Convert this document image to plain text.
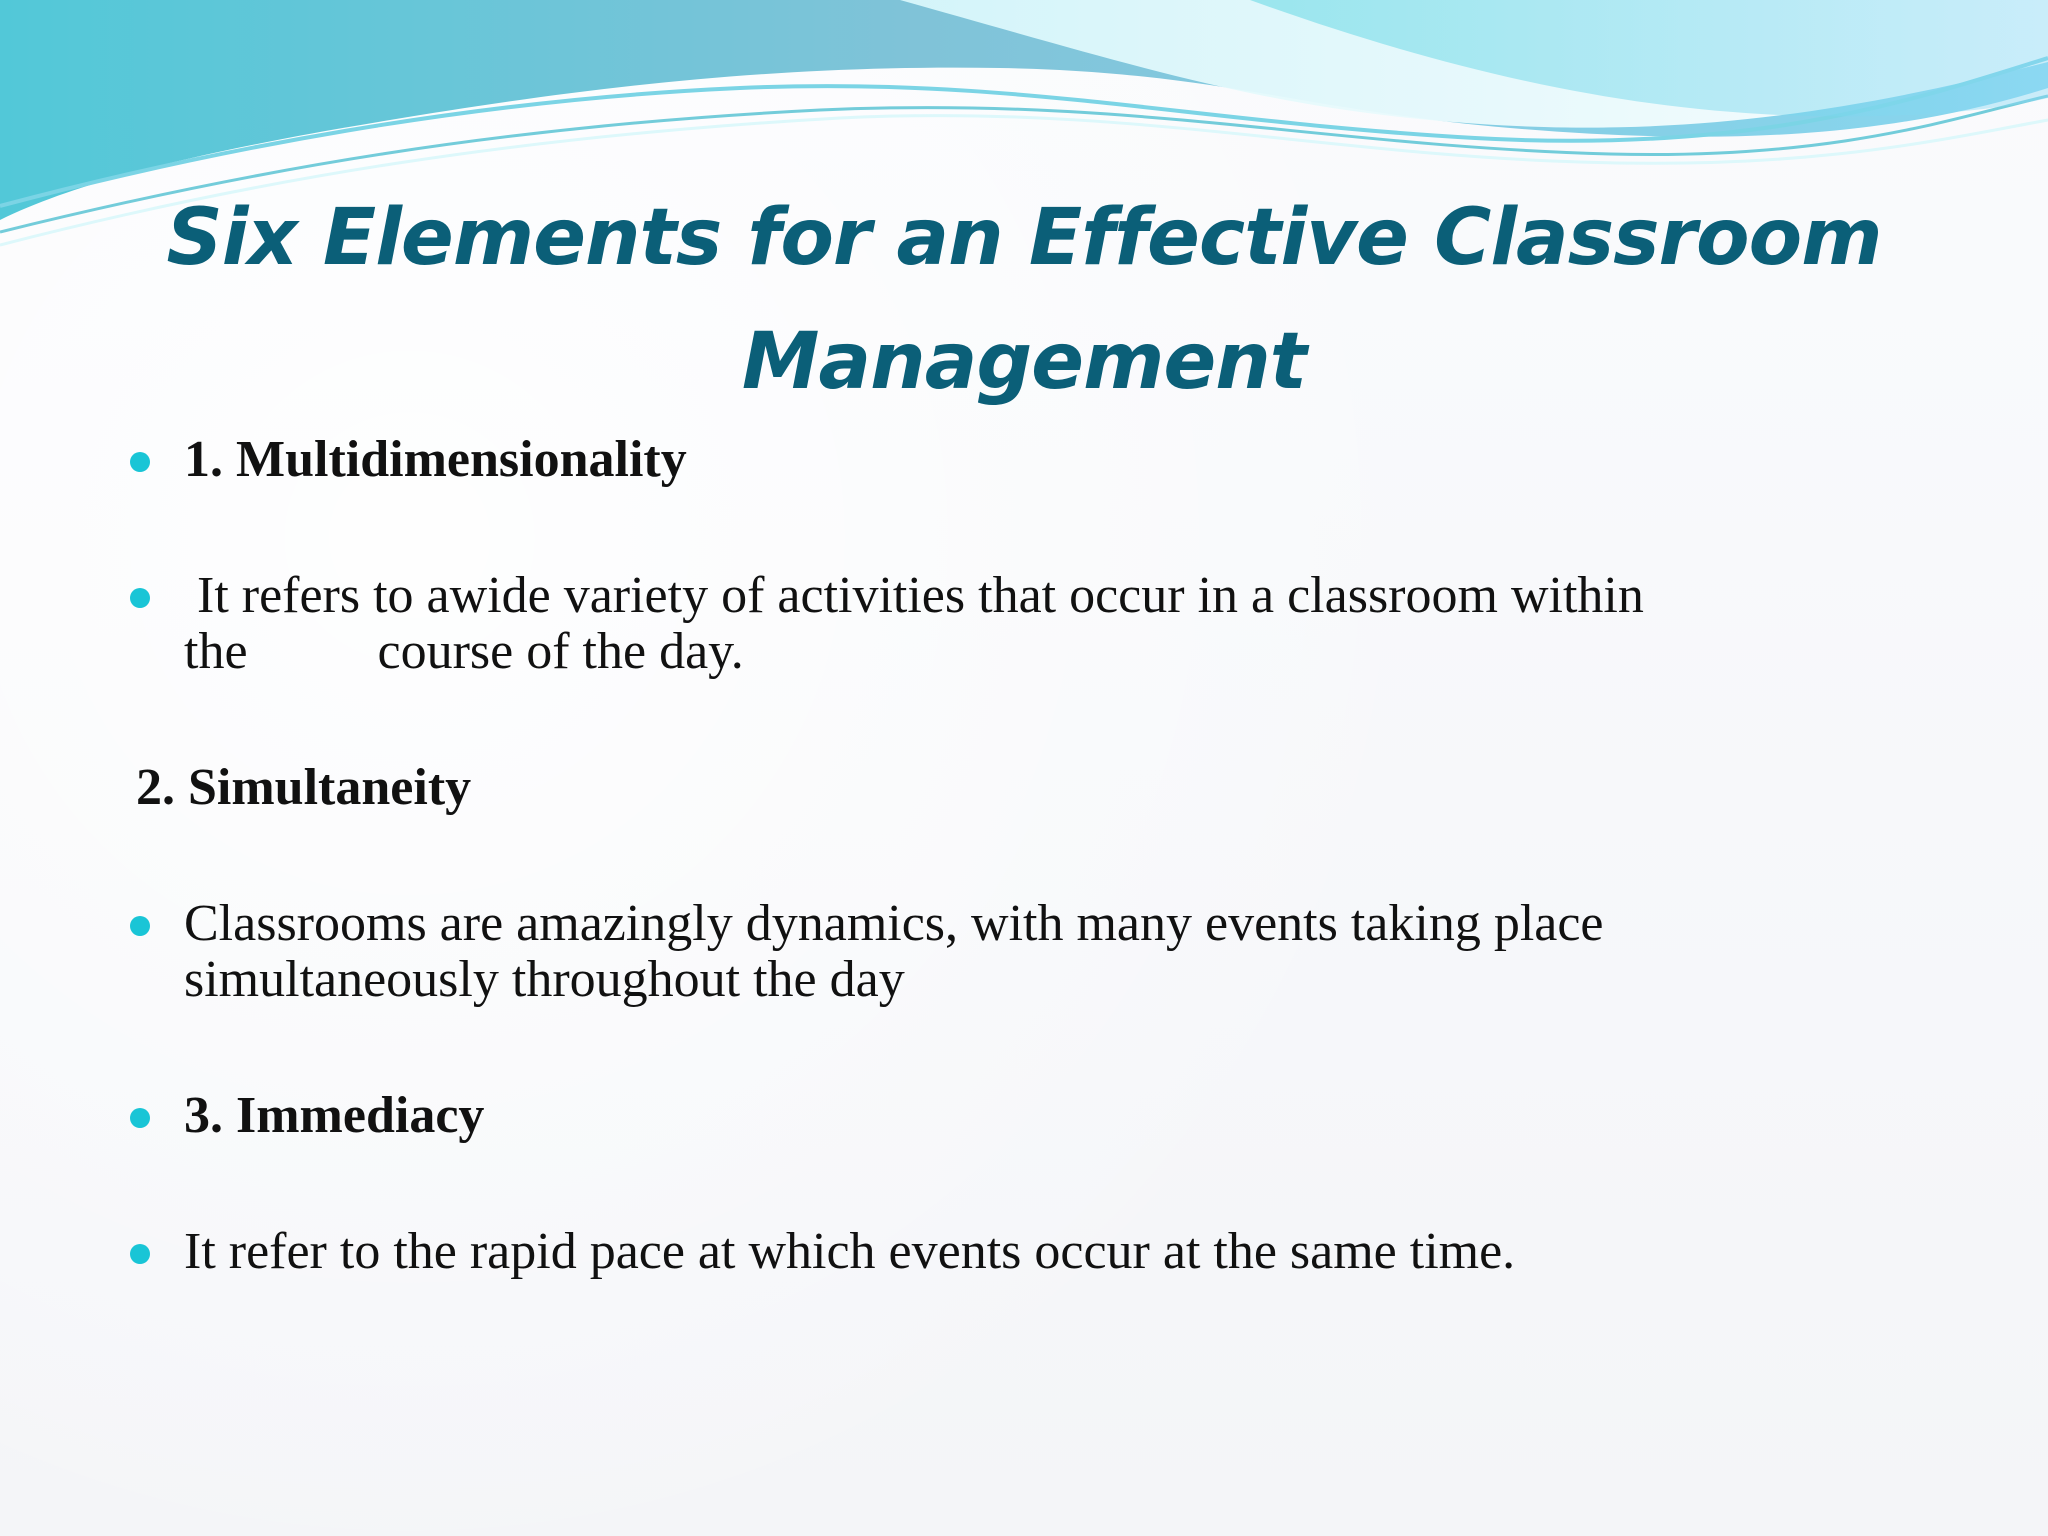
Six Elements for an Effective Classroom
Management
1. Multidimensionality
It refers to awide variety of activities that occur in a classroom within
the          course of the day.
2. Simultaneity
Classrooms are amazingly dynamics, with many events taking place
simultaneously throughout the day
3. Immediacy
It refer to the rapid pace at which events occur at the same time.
